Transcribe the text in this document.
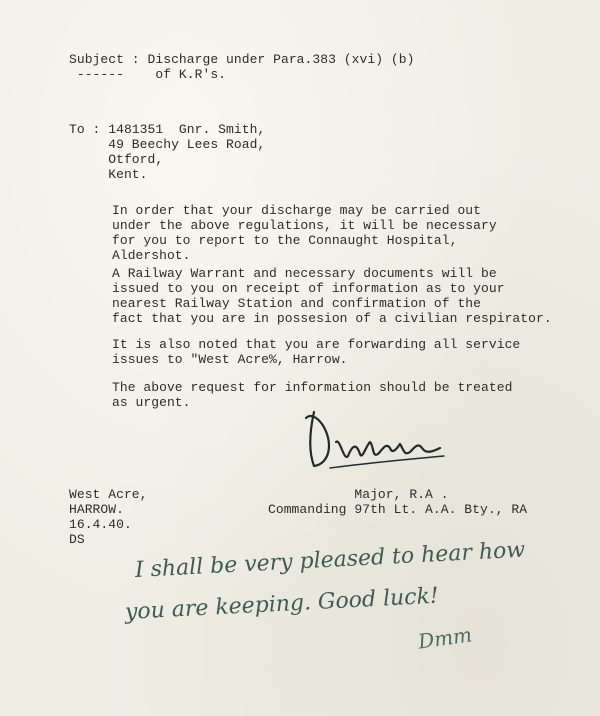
Subject : Discharge under Para.383 (xvi) (b)
------    of K.R's.
To : 1481351  Gnr. Smith,
49 Beechy Lees Road,
Otford,
Kent.
In order that your discharge may be carried out
under the above regulations, it will be necessary
for you to report to the Connaught Hospital,
Aldershot.
A Railway Warrant and necessary documents will be
issued to you on receipt of information as to your
nearest Railway Station and confirmation of the
fact that you are in possesion of a civilian respirator.
It is also noted that you are forwarding all service
issues to "West Acre%, Harrow.
The above request for information should be treated
as urgent.
West Acre,
HARROW.
16.4.40.
DS
Major, R.A .
Commanding 97th Lt. A.A. Bty., RA
I shall be very pleased to hear how
you are keeping. Good luck!
Dmm
